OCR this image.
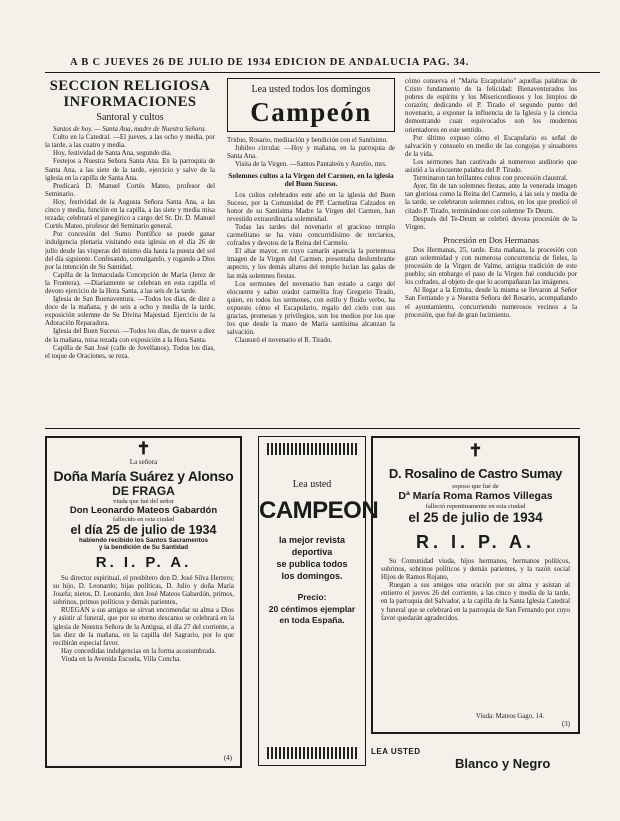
A B C JUEVES 26 DE JULIO DE 1934 EDICION DE ANDALUCIA PAG. 34.
SECCION RELIGIOSA
INFORMACIONES
Santoral y cultos

Santos de hoy. — Santa Ana, madre de Nuestra Señora.

Culto en la Catedral. —El jueves, a las ocho y media, por la tarde, a las cuatro y media.

Hoy, festividad de Santa Ana, segundo día.

Festejos a Nuestra Señora Santa Ana. En la parroquia de Santa Ana, a las siete de la tarde, ejercicio y salve de la iglesia en la capilla de Santa Ana.

Predicará D. Manuel Cortés Mateo, profesor del Seminario.

Hoy, festividad de la Augusta Señora Santa Ana, a las cinco y media, función en la capilla, a las siete y media misa rezada; celebrará el panegírico a cargo del Sr. Dr. D. Manuel Cortés Mateo, profesor del Seminario general.

Por concesión del Sumo Pontífice se puede ganar indulgencia plenaria visitando esta iglesia en el día 26 de julio desde las vísperas del mismo día hasta la puesta del sol del día siguiente. Confesando, comulgando, y rogando a Dios por la intención de Su Santidad.

Capilla de la Inmaculada Concepción de María (Jerez de la Frontera). —Diariamente se celebran en esta capilla el devoto ejercicio de la Hora Santa, a las seis de la tarde.

Iglesia de San Buenaventura. —Todos los días, de diez a doce de la mañana, y de seis a ocho y media de la tarde, exposición solemne de Su Divina Majestad. Ejercicio de la Adoración Reparadora.

Iglesia del Buen Suceso. —Todos los días, de nueve a diez de la mañana, misa rezada con exposición a la Hora Santa.

Capilla de San José (calle de Jovellanos). Todos los días, el toque de Oraciones, se reza.

Lea usted todos los domingos
Campeón

Triduo, Rosario, meditación y bendición con el Santísimo.

Jubileo circular. —Hoy y mañana, en la parroquia de Santa Ana.

Visita de la Virgen. —Santos Pantaleón y Aurelio, mrs.

Solemnes cultos a la Virgen del Carmen, en la iglesia del Buen Suceso.

Los cultos celebrados este año en la iglesia del Buen Suceso, por la Comunidad de PP. Carmelitas Calzados en honor de su Santísima Madre la Virgen del Carmen, han revestido extraordinaria solemnidad.

Todas las tardes del novenario el gracioso templo carmelitano se ha visto concurridísimo de terciarios, cofrades y devotos de la Reina del Carmelo.

El altar mayor, en cuyo camarín aparecía la portentosa imagen de la Virgen del Carmen, presentaba deslumbrante aspecto, y los demás altares del templo lucían las galas de las más solemnes fiestas.

Los sermones del novenario han estado a cargo del elocuente y sabio orador carmelita fray Gregorio Tirado, quien, en todos los sermones, con estilo y fluido verbo, ha expuesto cómo el Escapulario, regalo del cielo con sus gracias, promesas y privilegios, son los medios por los que los que desde la mano de María santísima alcanzan la salvación.

Clausuró el novenario el R. Tirado.

cómo conserva el "María Escapulario" aquellas palabras de Cristo fundamento de la felicidad: Bienaventurados los pobres de espíritu y los Misericordiosos y los limpios de corazón; dedicando el P. Tirado el segundo punto del novenario, a exponer la influencia de la Iglesia y la ciencia demostrando cuan equivocados son los modernos orientadores en este sentido.

Por último expuso cómo el Escapulario es señal de salvación y consuelo en medio de las congojas y sinsabores de la vida.

Los sermones han cautivado al numeroso auditorio que asistió a la elocuente palabra del P. Tirado.

Terminaron tan brillantes cultos con procesión claustral.

Ayer, fin de tan solemnes fiestas, ante la venerada imagen tan gloriosa como la Reina del Carmelo, a las seis y media de la tarde, se celebraron solemnes cultos, en los que predicó el citado P. Tirado, terminándose con solemne Te Deum.

Después del Te-Deum se celebró devota procesión de la Virgen.

Procesión en Dos Hermanas

Dos Hermanas, 25, tarde. Esta mañana, la procesión con gran solemnidad y con numerosa concurrencia de fieles, la procesión de la Virgen de Valme, antigua tradición de este pueblo; sin embargo el paso de la Virgen fué conducido por los cofrades, al objeto de que lo acompañaran las imágenes.

Al llegar a la Ermita, desde la misma se llevaron al Señor San Fernando y a Nuestra Señora del Rosario, acompañando el ayuntamiento, concurriendo numerosos vecinos a la procesión, que fué de gran lucimiento.

✝

La señora

Doña María Suárez y Alonso

DE FRAGA

viuda que fué del señor

Don Leonardo Mateos Gabardón

fallecido en esta ciudad

el día 25 de julio de 1934

habiendo recibido los Santos Sacramentos

y la bendición de Su Santidad

R. I. P. A.

Su director espiritual, el presbítero don D. José Silva Herrero; su hijo, D. Leonardo; hijas políticas, D. Julio y doña María Josefa; nietos, D. Leonardo, don José Mateos Gabardón, primos, sobrinos, primos políticos y demás parientes,

RUEGAN a sus amigos se sirvan encomendar su alma a Dios y asistir al funeral, que por su eterno descanso se celebrará en la iglesia de Nuestra Señora de la Antigua, el día 27 del corriente, a las diez de la mañana, en la capilla del Sagrario, por lo que recibirán especial favor.

Hay concedidas indulgencias en la forma acostumbrada.

Viuda en la Avenida Escuela, Villa Concha.

(4)
Lea usted
CAMPEON
la mejor revista
deportiva
se publica todos
los domingos.
Precio:
20 céntimos ejemplar en toda España.
✝

D. Rosalino de Castro Sumay

esposo que fué de

Dª María Roma Ramos Villegas

falleció repentinamente en esta ciudad

el 25 de julio de 1934

R. I. P. A.

Su Comunidad viuda, hijos hermanos, hermanos políticos, sobrinos, sobrinos políticos y demás parientes, y la razón social Hijos de Ramos Rojano,

Ruegan a sus amigos una oración por su alma y asistan al entierro el jueves 26 del corriente, a las cinco y media de la tarde, en la parroquia del Salvador, a la capilla de la Santa Iglesia Catedral y funeral que se celebrará en la parroquia de San Fernando por cuyo favor quedarán agradecidos.

Viuda: Mateos Gago, 14.
(3)
LEA USTED
Blanco y Negro
